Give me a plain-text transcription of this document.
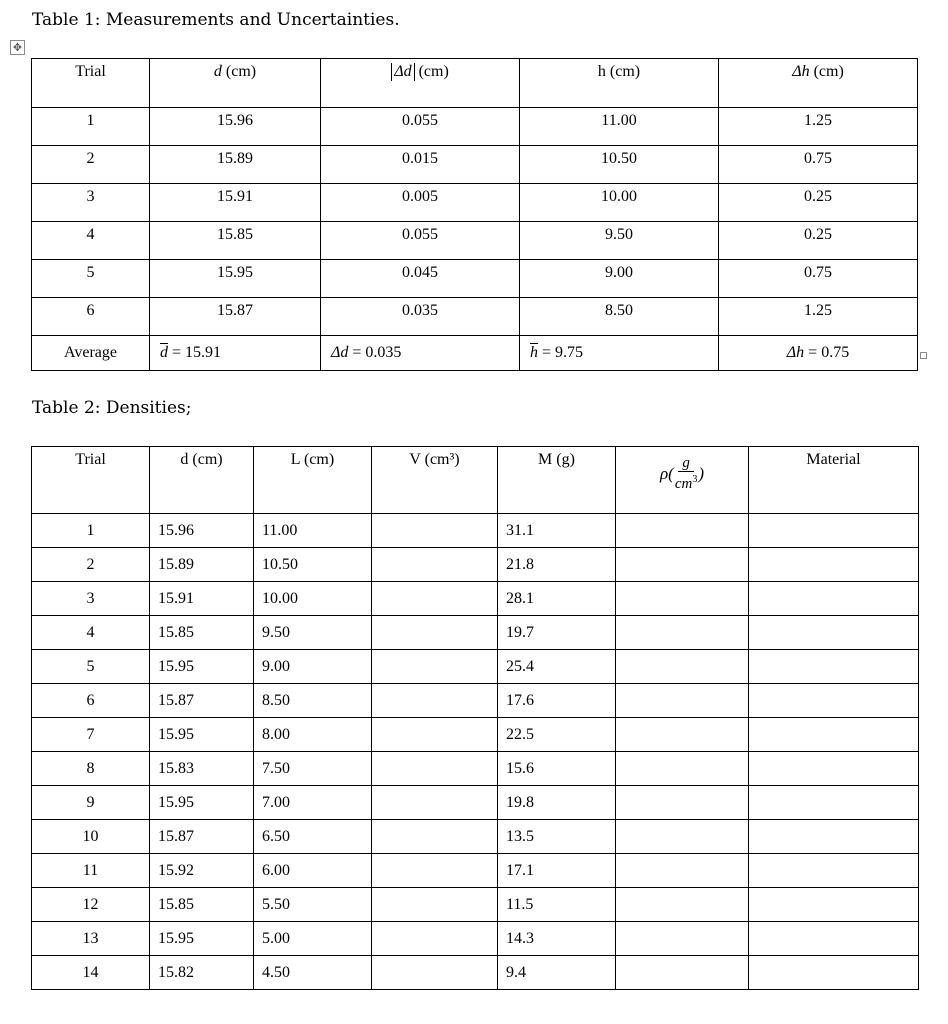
Table 1: Measurements and Uncertainties.
✥
Trial	d (cm)	Δd (cm)	h (cm)	Δh (cm)
1	15.96	0.055	11.00	1.25
2	15.89	0.015	10.50	0.75
3	15.91	0.005	10.00	0.25
4	15.85	0.055	9.50	0.25
5	15.95	0.045	9.00	0.75
6	15.87	0.035	8.50	1.25
Average	$\overline{d} = 15.91$	Δd = 0.035	$\overline{h} = 9.75$	Δh = 0.75
Table 2: Densities;
Trial	d (cm)	L (cm)	V (cm³)	M (g)	$\rho( \frac{g}{cm^3}$ )	Material
1	15.96	11.00		31.1		
2	15.89	10.50		21.8		
3	15.91	10.00		28.1		
4	15.85	9.50		19.7		
5	15.95	9.00		25.4		
6	15.87	8.50		17.6		
7	15.95	8.00		22.5		
8	15.83	7.50		15.6		
9	15.95	7.00		19.8		
10	15.87	6.50		13.5		
11	15.92	6.00		17.1		
12	15.85	5.50		11.5		
13	15.95	5.00		14.3		
14	15.82	4.50		9.4		
